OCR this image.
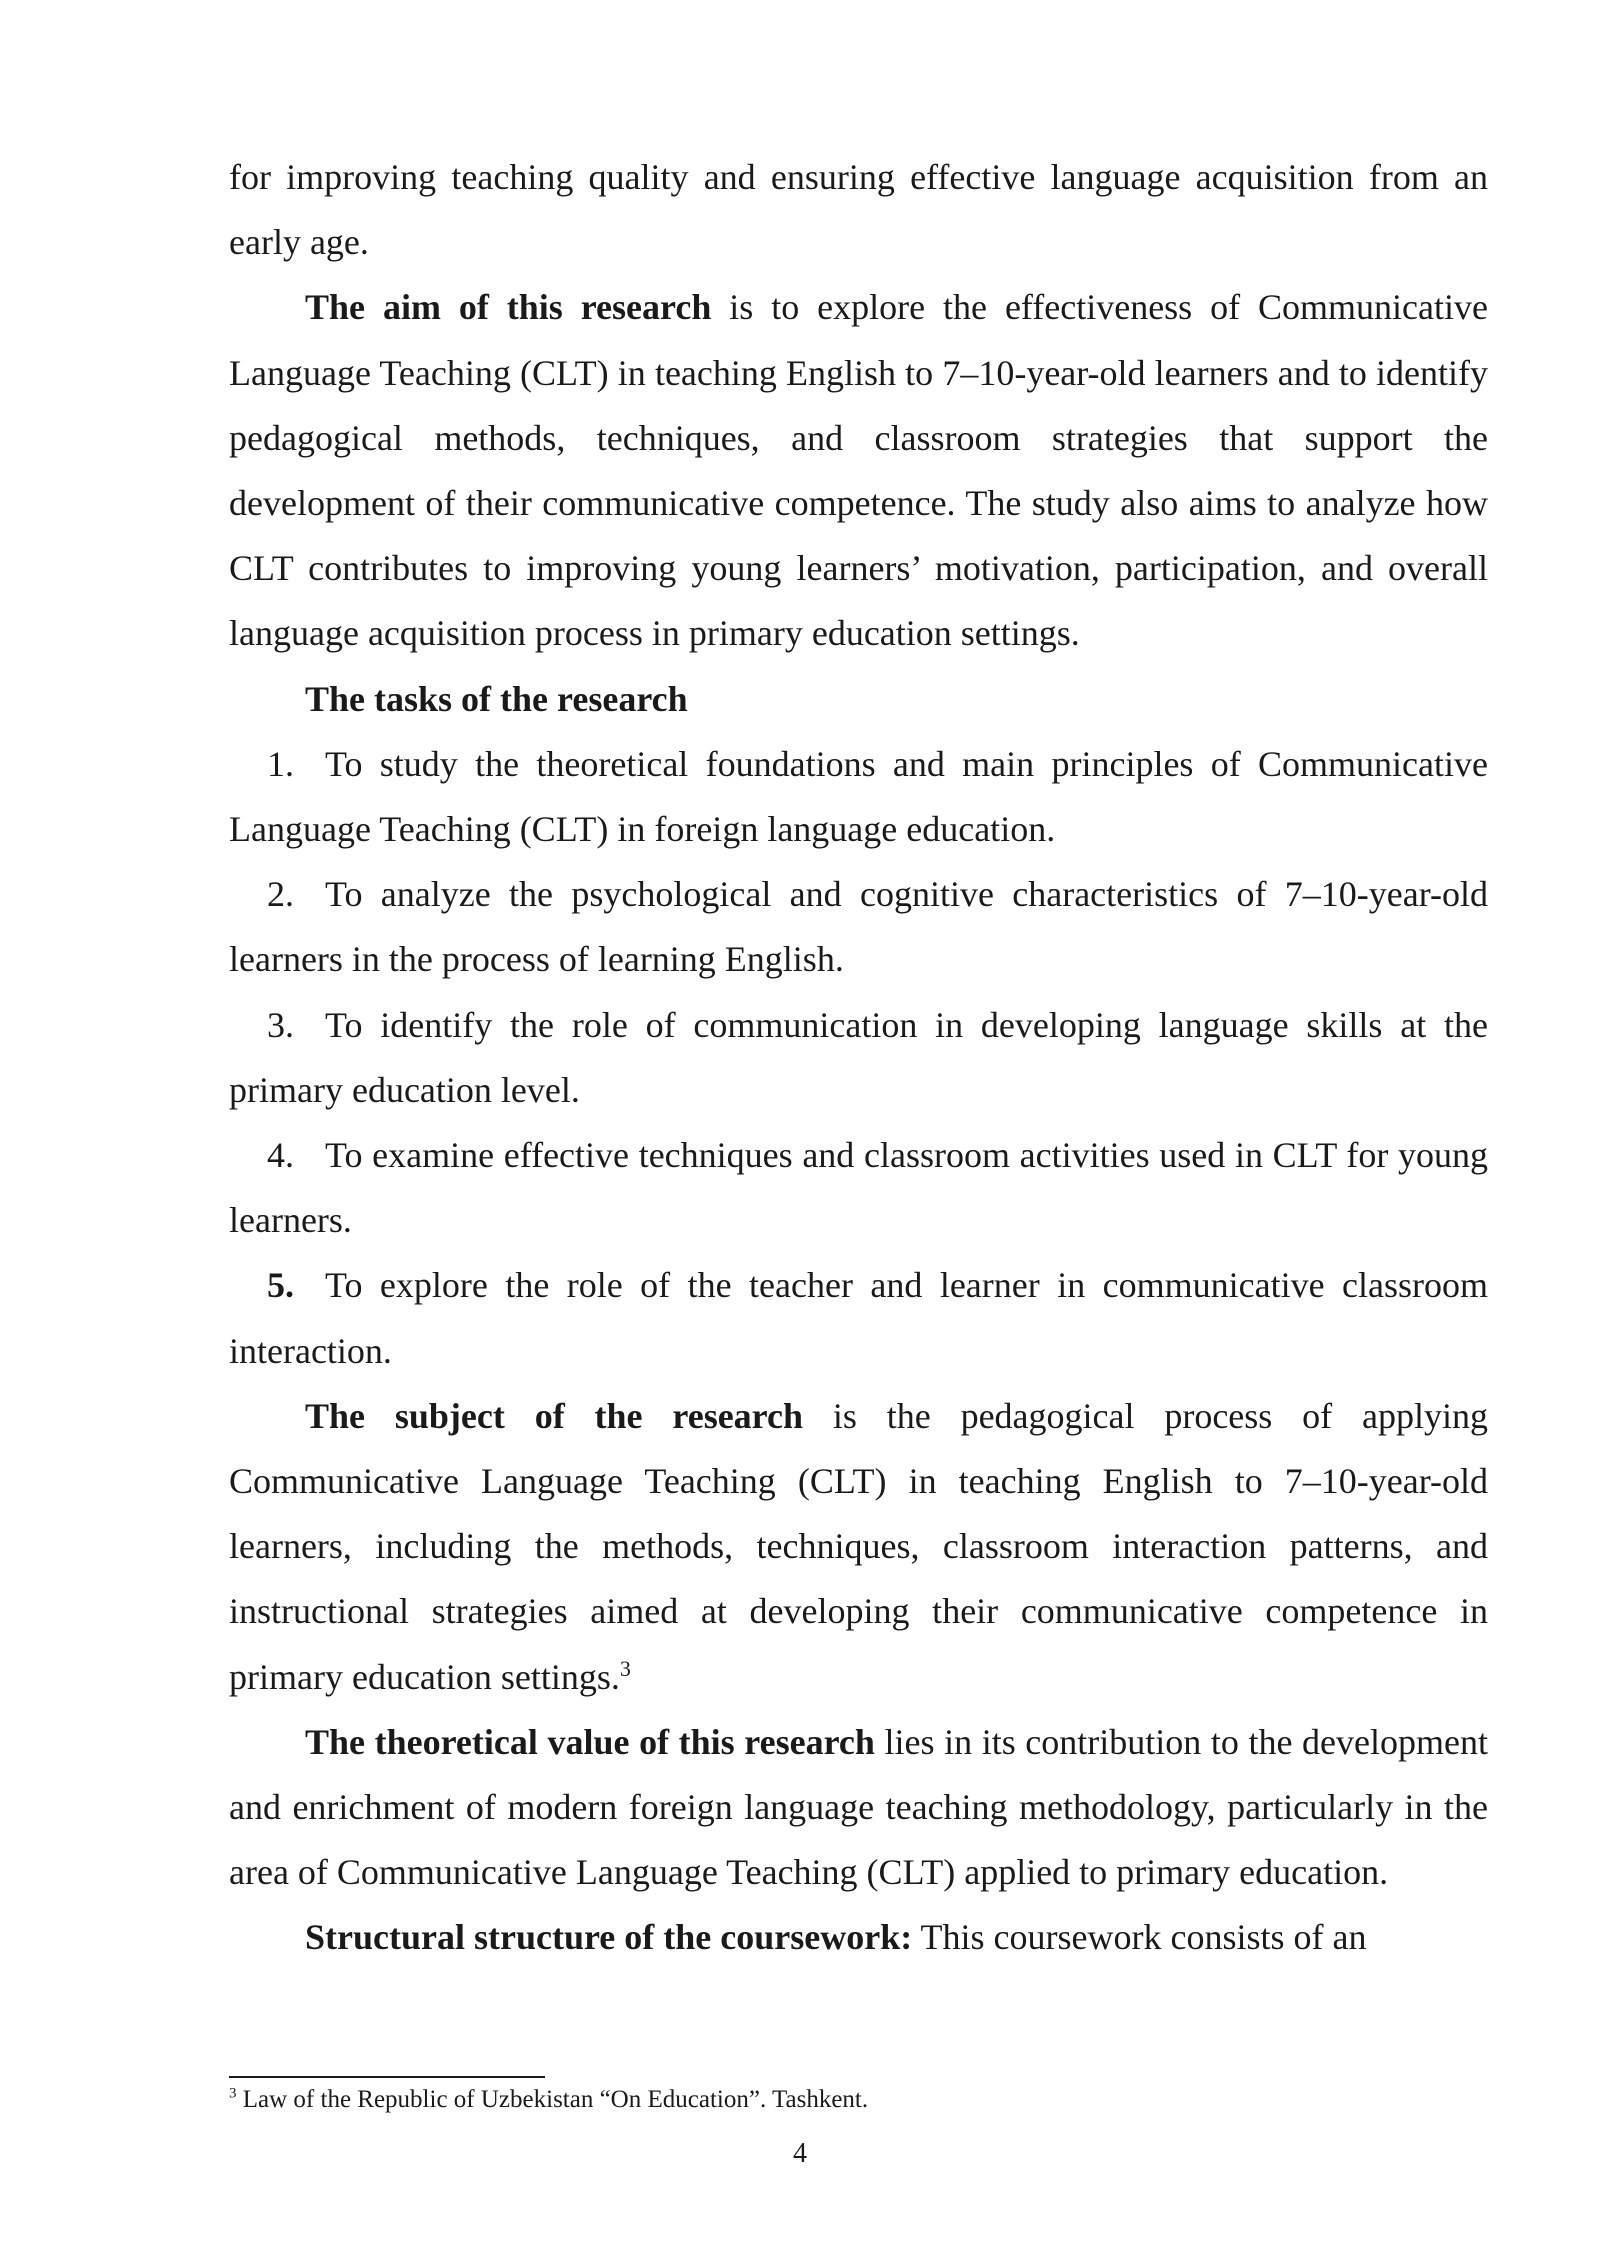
for improving teaching quality and ensuring effective language acquisition from an early age.

The aim of this research is to explore the effectiveness of Communicative Language Teaching (CLT) in teaching English to 7–10-year-old learners and to identify pedagogical methods, techniques, and classroom strategies that support the development of their communicative competence. The study also aims to analyze how CLT contributes to improving young learners’ motivation, participation, and overall language acquisition process in primary education settings.

The tasks of the research

1. To study the theoretical foundations and main principles of Communicative Language Teaching (CLT) in foreign language education.

2. To analyze the psychological and cognitive characteristics of 7–10-year-old learners in the process of learning English.

3. To identify the role of communication in developing language skills at the primary education level.

4. To examine effective techniques and classroom activities used in CLT for young learners.

5. To explore the role of the teacher and learner in communicative classroom interaction.

The subject of the research is the pedagogical process of applying Communicative Language Teaching (CLT) in teaching English to 7–10-year-old learners, including the methods, techniques, classroom interaction patterns, and instructional strategies aimed at developing their communicative competence in primary education settings.$^3$

The theoretical value of this research lies in its contribution to the development and enrichment of modern foreign language teaching methodology, particularly in the area of Communicative Language Teaching (CLT) applied to primary education.

Structural structure of the coursework: This coursework consists of an

$^3$ Law of the Republic of Uzbekistan “On Education”. Tashkent.
4
